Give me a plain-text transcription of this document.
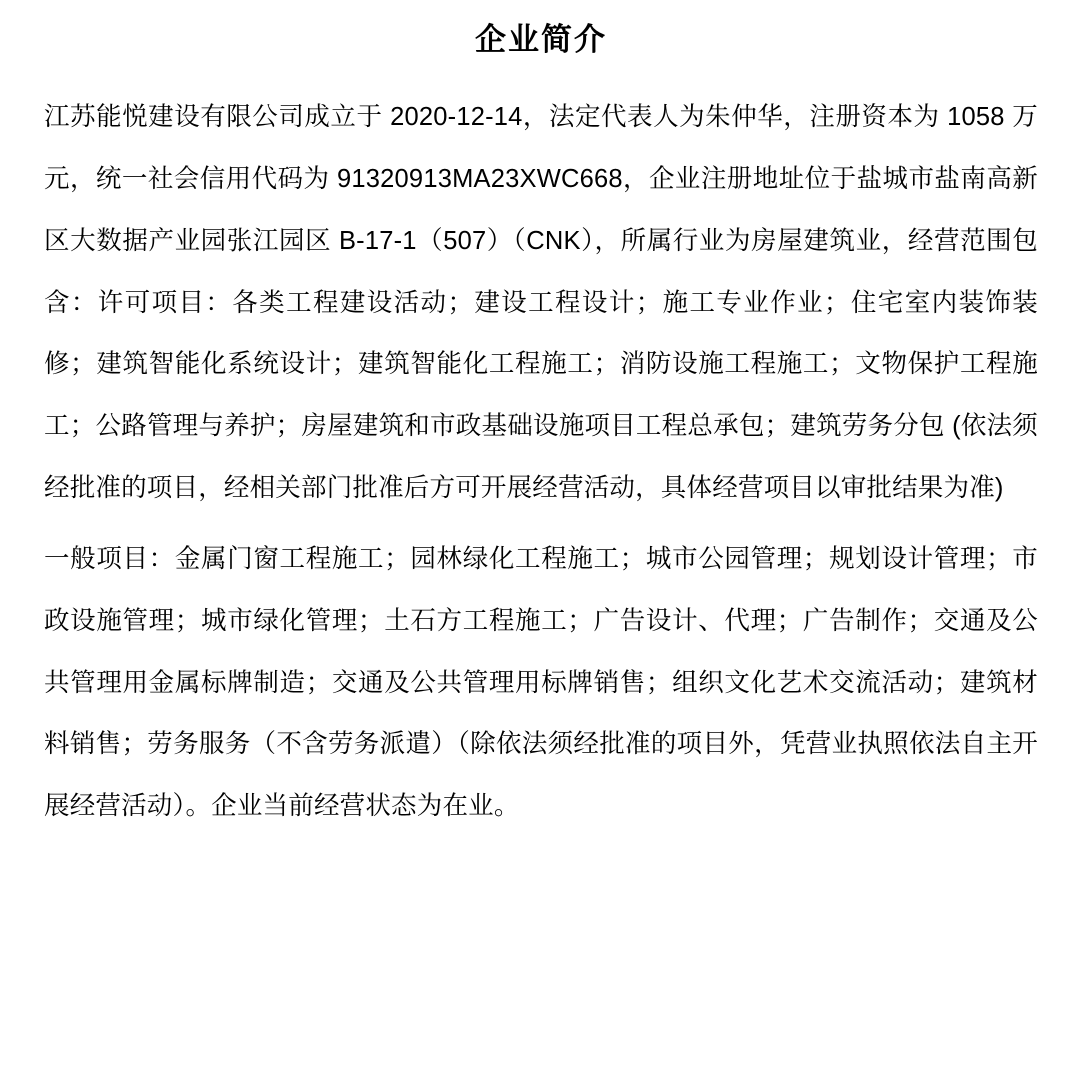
企业简介

江苏能悦建设有限公司成立于 2020-12-14，法定代表人为朱仲华，注册资本为 1058 万元，统一社会信用代码为 91320913MA23XWC668，企业注册地址位于盐城市盐南高新区大数据产业园张江园区 B-17-1（507）（CNK），所属行业为房屋建筑业，经营范围包含：许可项目：各类工程建设活动；建设工程设计；施工专业作业；住宅室内装饰装修；建筑智能化系统设计；建筑智能化工程施工；消防设施工程施工；文物保护工程施工；公路管理与养护；房屋建筑和市政基础设施项目工程总承包；建筑劳务分包 (依法须经批准的项目，经相关部门批准后方可开展经营活动，具体经营项目以审批结果为准)

一般项目：金属门窗工程施工；园林绿化工程施工；城市公园管理；规划设计管理；市政设施管理；城市绿化管理；土石方工程施工；广告设计、代理；广告制作；交通及公共管理用金属标牌制造；交通及公共管理用标牌销售；组织文化艺术交流活动；建筑材料销售；劳务服务（不含劳务派遣）（除依法须经批准的项目外，凭营业执照依法自主开展经营活动）。企业当前经营状态为在业。
